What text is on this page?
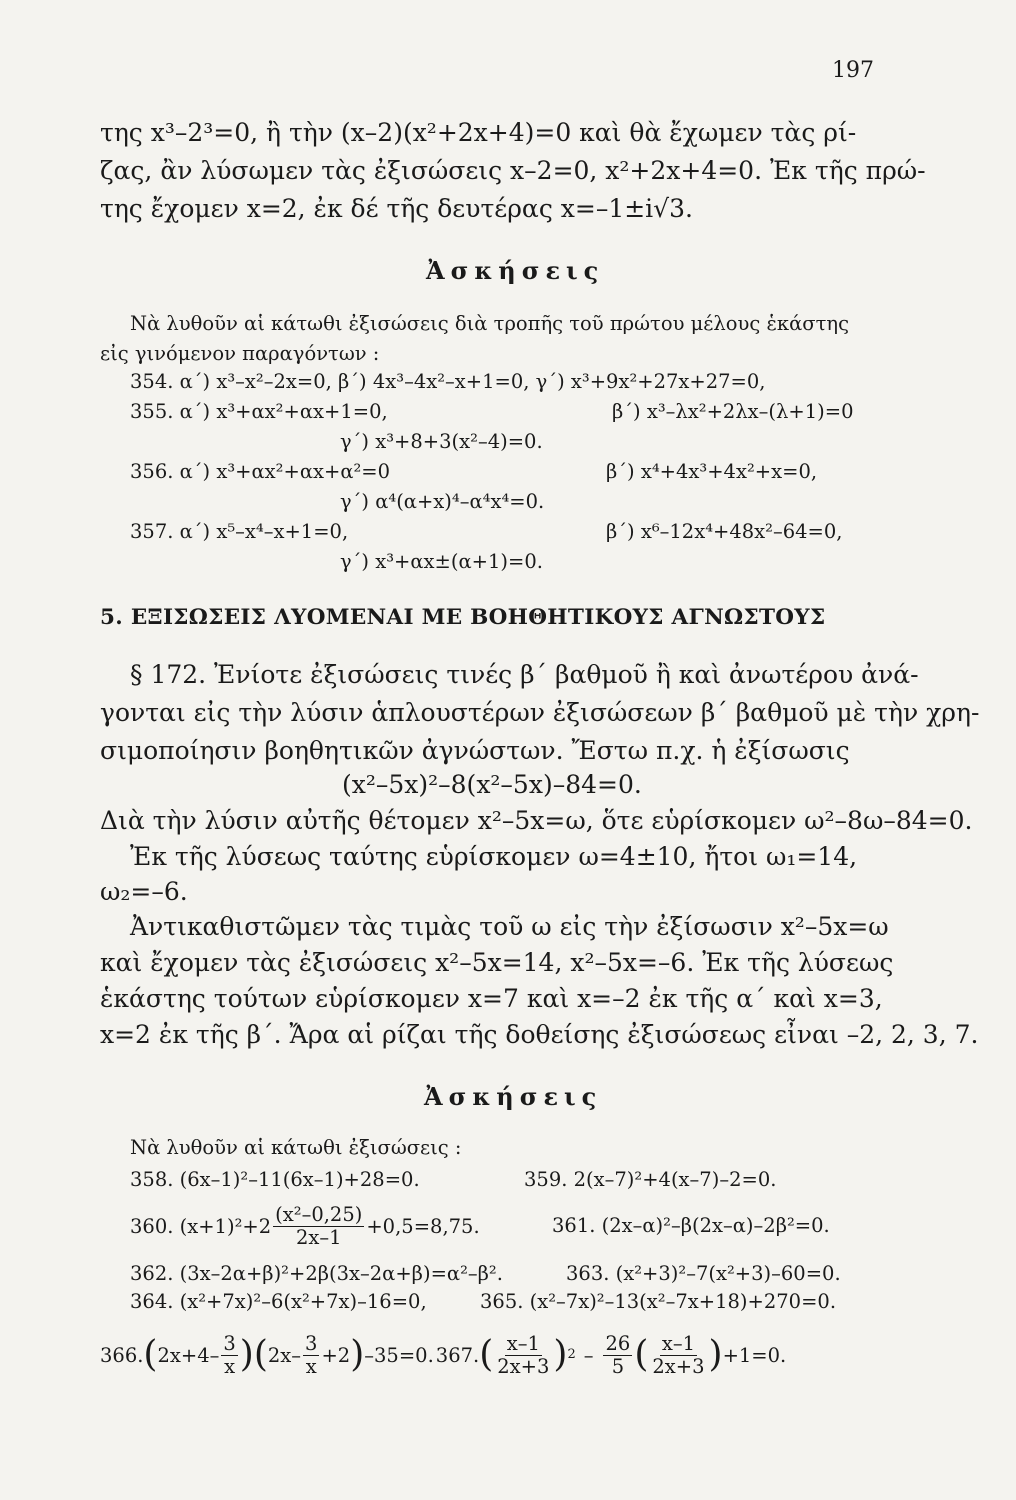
197
της x³–2³=0, ἢ τὴν (x–2)(x²+2x+4)=0 καὶ θὰ ἔχωμεν τὰς ρί-
ζας, ἂν λύσωμεν τὰς ἐξισώσεις x–2=0, x²+2x+4=0. Ἐκ τῆς πρώ-
της ἔχομεν x=2, ἐκ δέ τῆς δευτέρας x=–1±i√3.
Ἀσκήσεις
Νὰ λυθοῦν αἱ κάτωθι ἐξισώσεις διὰ τροπῆς τοῦ πρώτου μέλους ἑκάστης
εἰς γινόμενον παραγόντων :
354. α΄) x³–x²–2x=0, β΄) 4x³–4x²–x+1=0, γ΄) x³+9x²+27x+27=0,
355. α΄) x³+αx²+αx+1=0,	β΄) x³–λx²+2λx–(λ+1)=0
γ΄) x³+8+3(x²–4)=0.
356. α΄) x³+αx²+αx+α²=0	β΄) x⁴+4x³+4x²+x=0,
γ΄) α⁴(α+x)⁴–α⁴x⁴=0.
357. α΄) x⁵–x⁴–x+1=0,	β΄) x⁶–12x⁴+48x²–64=0,
γ΄) x³+αx±(α+1)=0.
5. ΕΞΙΣΩΣΕΙΣ ΛΥΟΜΕΝΑΙ ΜΕ ΒΟΗΘΗΤΙΚΟΥΣ ΑΓΝΩΣΤΟΥΣ
§ 172. Ἐνίοτε ἐξισώσεις τινές β΄ βαθμοῦ ἢ καὶ ἀνωτέρου ἀνά-
γονται εἰς τὴν λύσιν ἁπλουστέρων ἐξισώσεων β΄ βαθμοῦ μὲ τὴν χρη-
σιμοποίησιν βοηθητικῶν ἀγνώστων. Ἔστω π.χ. ἡ ἐξίσωσις
(x²–5x)²–8(x²–5x)–84=0.
Διὰ τὴν λύσιν αὐτῆς θέτομεν x²–5x=ω, ὅτε εὑρίσκομεν ω²–8ω–84=0.
Ἐκ τῆς λύσεως ταύτης εὑρίσκομεν ω=4±10, ἤτοι ω₁=14,
ω₂=–6.
Ἀντικαθιστῶμεν τὰς τιμὰς τοῦ ω εἰς τὴν ἐξίσωσιν x²–5x=ω
καὶ ἔχομεν τὰς ἐξισώσεις x²–5x=14, x²–5x=–6. Ἐκ τῆς λύσεως
ἑκάστης τούτων εὑρίσκομεν x=7 καὶ x=–2 ἐκ τῆς α΄ καὶ x=3,
x=2 ἐκ τῆς β΄. Ἄρα αἱ ρίζαι τῆς δοθείσης ἐξισώσεως εἶναι –2, 2, 3, 7.
Ἀσκήσεις
Νὰ λυθοῦν αἱ κάτωθι ἐξισώσεις :
358. (6x–1)²–11(6x–1)+28=0.	359. 2(x–7)²+4(x–7)–2=0.
360. $(x+1)^2+2 \frac{\text{(x²–0,25)}}{2x-1} +0,5=8,75$.	361. (2x–α)²–β(2x–α)–2β²=0.
362. (3x–2α+β)²+2β(3x–2α+β)=α²–β².	363. (x²+3)²–7(x²+3)–60=0.
364. (x²+7x)²–6(x²+7x)–16=0,	365. (x²–7x)²–13(x²–7x+18)+270=0.
366. ( $2x+4- \frac{3}{x}$ ) ( $2x- \frac{3}{x} +2$ ) –35=0. 367. ( $\frac{x-1}{2x+3}$ ) $2 - \frac{26}{5}$ ( $\frac{x-1}{2x+3}$ ) +1=0.
